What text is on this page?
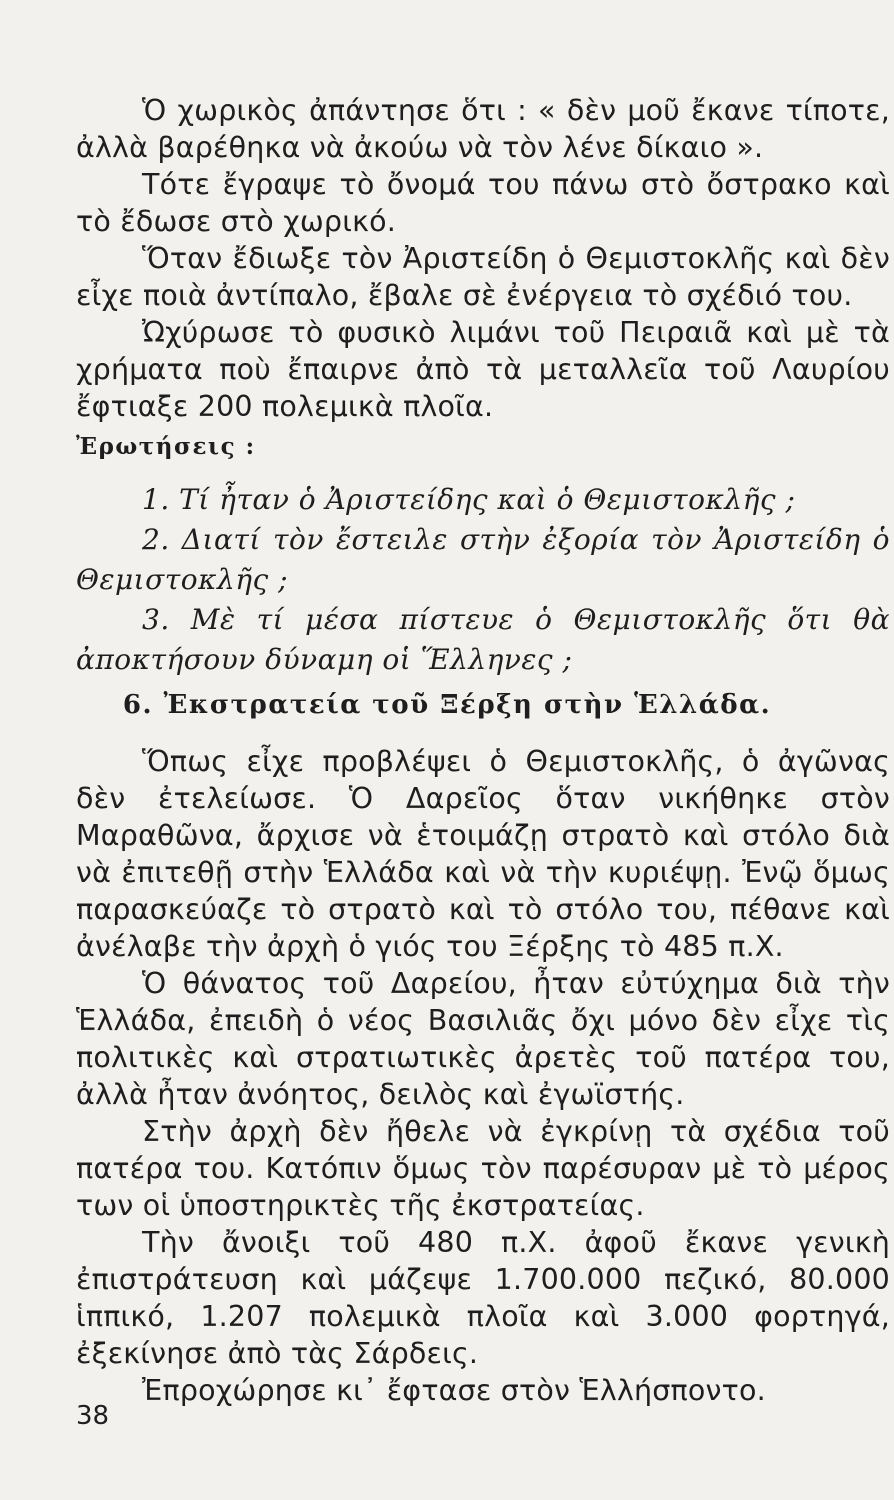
Ὁ χωρικὸς ἀπάντησε ὅτι : « δὲν μοῦ ἔκανε τίποτε, ἀλλὰ βαρέθηκα νὰ ἀκούω νὰ τὸν λένε δίκαιο ».

Τότε ἔγραψε τὸ ὄνομά του πάνω στὸ ὄστρακο καὶ τὸ ἔδωσε στὸ χωρικό.

Ὅταν ἔδιωξε τὸν Ἀριστείδη ὁ Θεμιστοκλῆς καὶ δὲν εἶχε ποιὰ ἀντίπαλο, ἔβαλε σὲ ἐνέργεια τὸ σχέδιό του.

Ὠχύρωσε τὸ φυσικὸ λιμάνι τοῦ Πειραιᾶ καὶ μὲ τὰ χρήματα ποὺ ἔπαιρνε ἀπὸ τὰ μεταλλεῖα τοῦ Λαυρίου ἔφτιαξε 200 πολεμικὰ πλοῖα.

Ἐρωτήσεις :

1. Τί ἦταν ὁ Ἀριστείδης καὶ ὁ Θεμιστοκλῆς ;

2. Διατί τὸν ἔστειλε στὴν ἐξορία τὸν Ἀριστείδη ὁ Θεμιστοκλῆς ;

3. Μὲ τί μέσα πίστευε ὁ Θεμιστοκλῆς ὅτι θὰ ἀποκτήσουν δύναμη οἱ Ἕλληνες ;

6. Ἐκστρατεία τοῦ Ξέρξη στὴν Ἑλλάδα.

Ὅπως εἶχε προβλέψει ὁ Θεμιστοκλῆς, ὁ ἀγῶνας δὲν ἐτελείωσε. Ὁ Δαρεῖος ὅταν νικήθηκε στὸν Μαραθῶνα, ἄρχισε νὰ ἑτοιμάζῃ στρατὸ καὶ στόλο διὰ νὰ ἐπιτεθῇ στὴν Ἑλλάδα καὶ νὰ τὴν κυριέψῃ. Ἐνῷ ὅμως παρασκεύαζε τὸ στρατὸ καὶ τὸ στόλο του, πέθανε καὶ ἀνέλαβε τὴν ἀρχὴ ὁ γιός του Ξέρξης τὸ 485 π.Χ.

Ὁ θάνατος τοῦ Δαρείου, ἦταν εὐτύχημα διὰ τὴν Ἑλλάδα, ἐπειδὴ ὁ νέος Βασιλιᾶς ὄχι μόνο δὲν εἶχε τὶς πολιτικὲς καὶ στρατιωτικὲς ἀρετὲς τοῦ πατέρα του, ἀλλὰ ἦταν ἀνόητος, δειλὸς καὶ ἐγωϊστής.

Στὴν ἀρχὴ δὲν ἤθελε νὰ ἐγκρίνῃ τὰ σχέδια τοῦ πατέρα του. Κατόπιν ὅμως τὸν παρέσυραν μὲ τὸ μέρος των οἱ ὑποστηρικτὲς τῆς ἐκστρατείας.

Τὴν ἄνοιξι τοῦ 480 π.Χ. ἀφοῦ ἔκανε γενικὴ ἐπιστράτευση καὶ μάζεψε 1.700.000 πεζικό, 80.000 ἱππικό, 1.207 πολεμικὰ πλοῖα καὶ 3.000 φορτηγά, ἐξεκίνησε ἀπὸ τὰς Σάρδεις.

Ἐπροχώρησε κι᾿ ἔφτασε στὸν Ἑλλήσποντο.

38
